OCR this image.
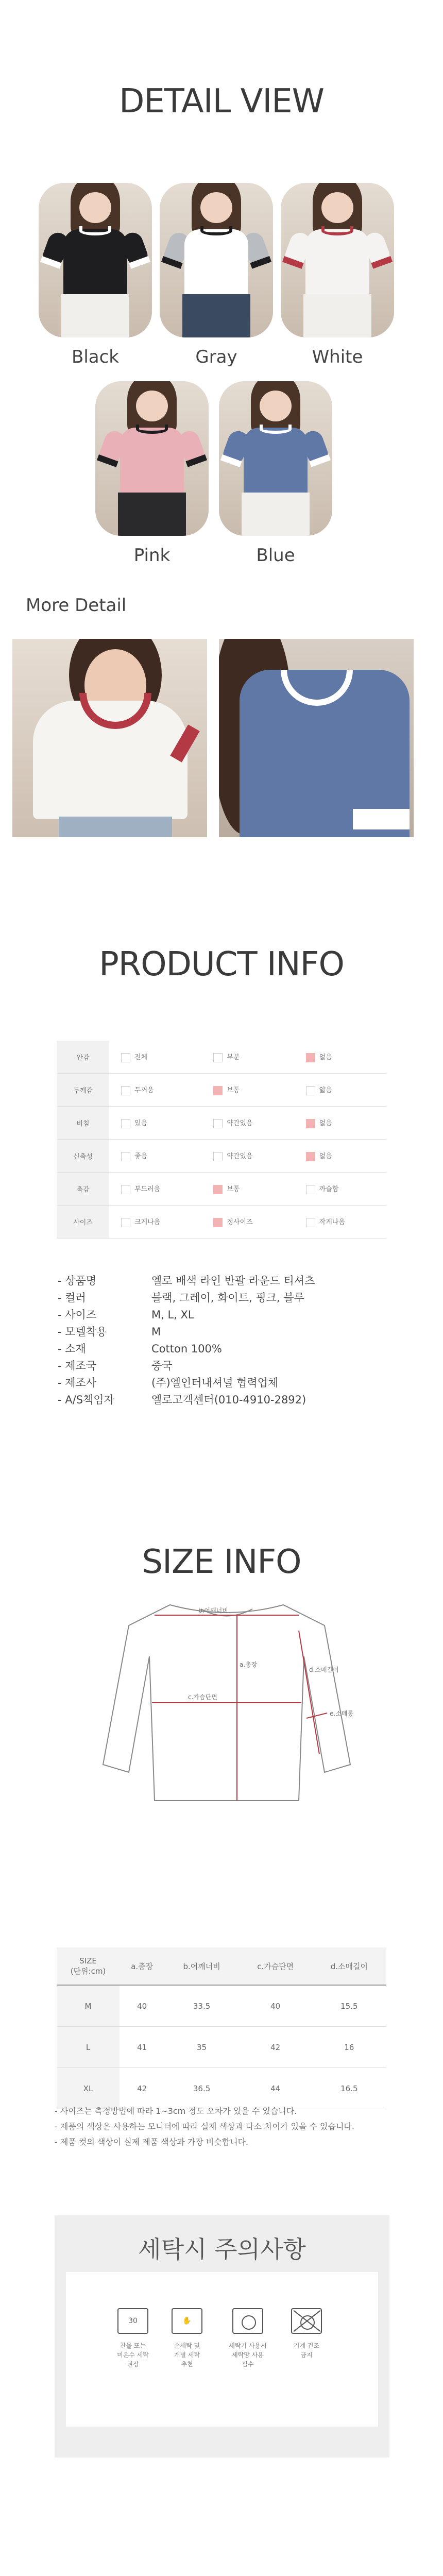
DETAIL VIEW
Black	Gray	White
Pink	Blue
More Detail
PRODUCT INFO
안감	전체	부분	없음
두께감	두꺼움	보통	얇음
비침	있음	약간있음	없음
신축성	좋음	약간있음	없음
촉감	부드러움	보통	까슬함
사이즈	크게나옴	정사이즈	작게나옴
- 상품명	엘로 배색 라인 반팔 라운드 티셔츠
- 컬러	블랙, 그레이, 화이트, 핑크, 블루
- 사이즈	M, L, XL
- 모델착용	M
- 소재	Cotton 100%
- 제조국	중국
- 제조사	(주)엘인터내셔널 협력업체
- A/S책임자	엘로고객센터(010-4910-2892)
SIZE INFO
b.어깨너비
a.총장
c.가슴단면
d.소매길이
e.소매통
SIZE
(단위:cm)	a.총장	b.어깨너비	c.가슴단면	d.소매길이
M	40	33.5	40	15.5
L	41	35	42	16
XL	42	36.5	44	16.5
- 사이즈는 측정방법에 따라 1~3cm 정도 오차가 있을 수 있습니다.
- 제품의 색상은 사용하는 모니터에 따라 실제 색상과 다소 차이가 있을 수 있습니다.
- 제품 컷의 색상이 실제 제품 색상과 가장 비슷합니다.
세탁시 주의사항
30
찬물 또는
미온수 세탁
권장
✋
손세탁 및
개별 세탁
추천
세탁기 사용시
세탁망 사용
필수
기계 건조
금지
